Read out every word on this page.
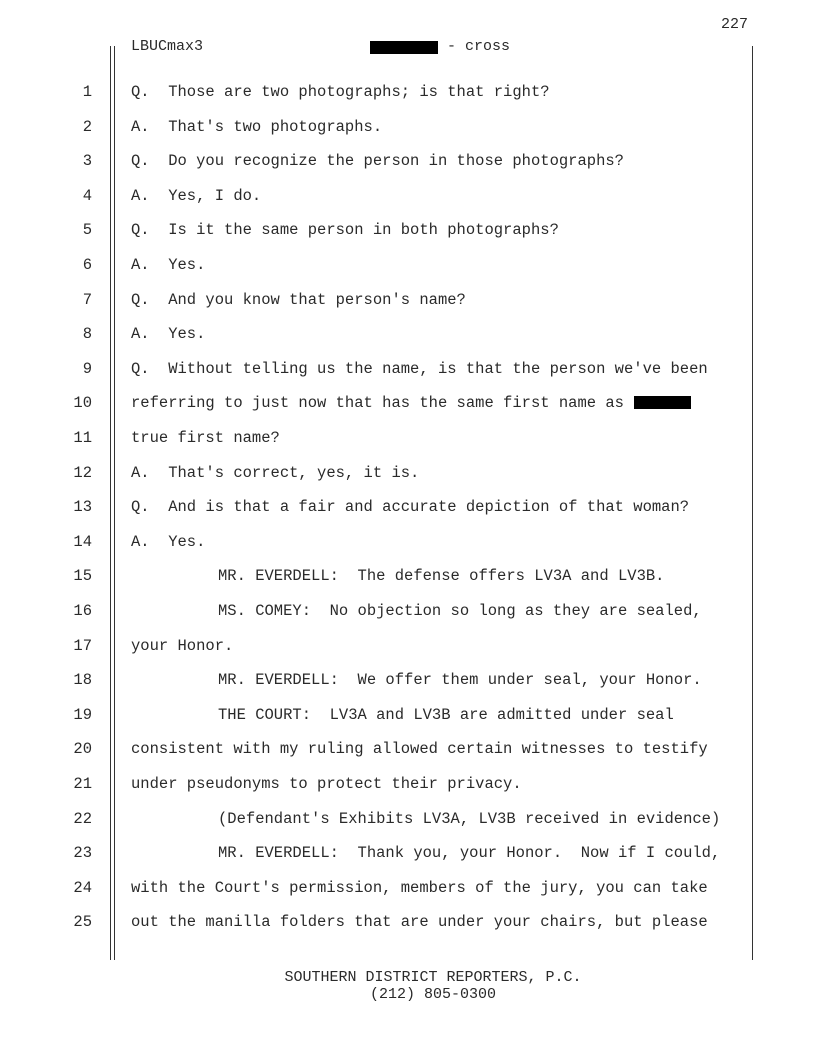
227
LBUCmax3	- cross
1	Q.  Those are two photographs; is that right?
2	A.  That's two photographs.
3	Q.  Do you recognize the person in those photographs?
4	A.  Yes, I do.
5	Q.  Is it the same person in both photographs?
6	A.  Yes.
7	Q.  And you know that person's name?
8	A.  Yes.
9	Q.  Without telling us the name, is that the person we've been
10	referring to just now that has the same first name as
11	true first name?
12	A.  That's correct, yes, it is.
13	Q.  And is that a fair and accurate depiction of that woman?
14	A.  Yes.
15	MR. EVERDELL:  The defense offers LV3A and LV3B.
16	MS. COMEY:  No objection so long as they are sealed,
17	your Honor.
18	MR. EVERDELL:  We offer them under seal, your Honor.
19	THE COURT:  LV3A and LV3B are admitted under seal
20	consistent with my ruling allowed certain witnesses to testify
21	under pseudonyms to protect their privacy.
22	(Defendant's Exhibits LV3A, LV3B received in evidence)
23	MR. EVERDELL:  Thank you, your Honor.  Now if I could,
24	with the Court's permission, members of the jury, you can take
25	out the manilla folders that are under your chairs, but please
SOUTHERN DISTRICT REPORTERS, P.C.
(212) 805-0300
